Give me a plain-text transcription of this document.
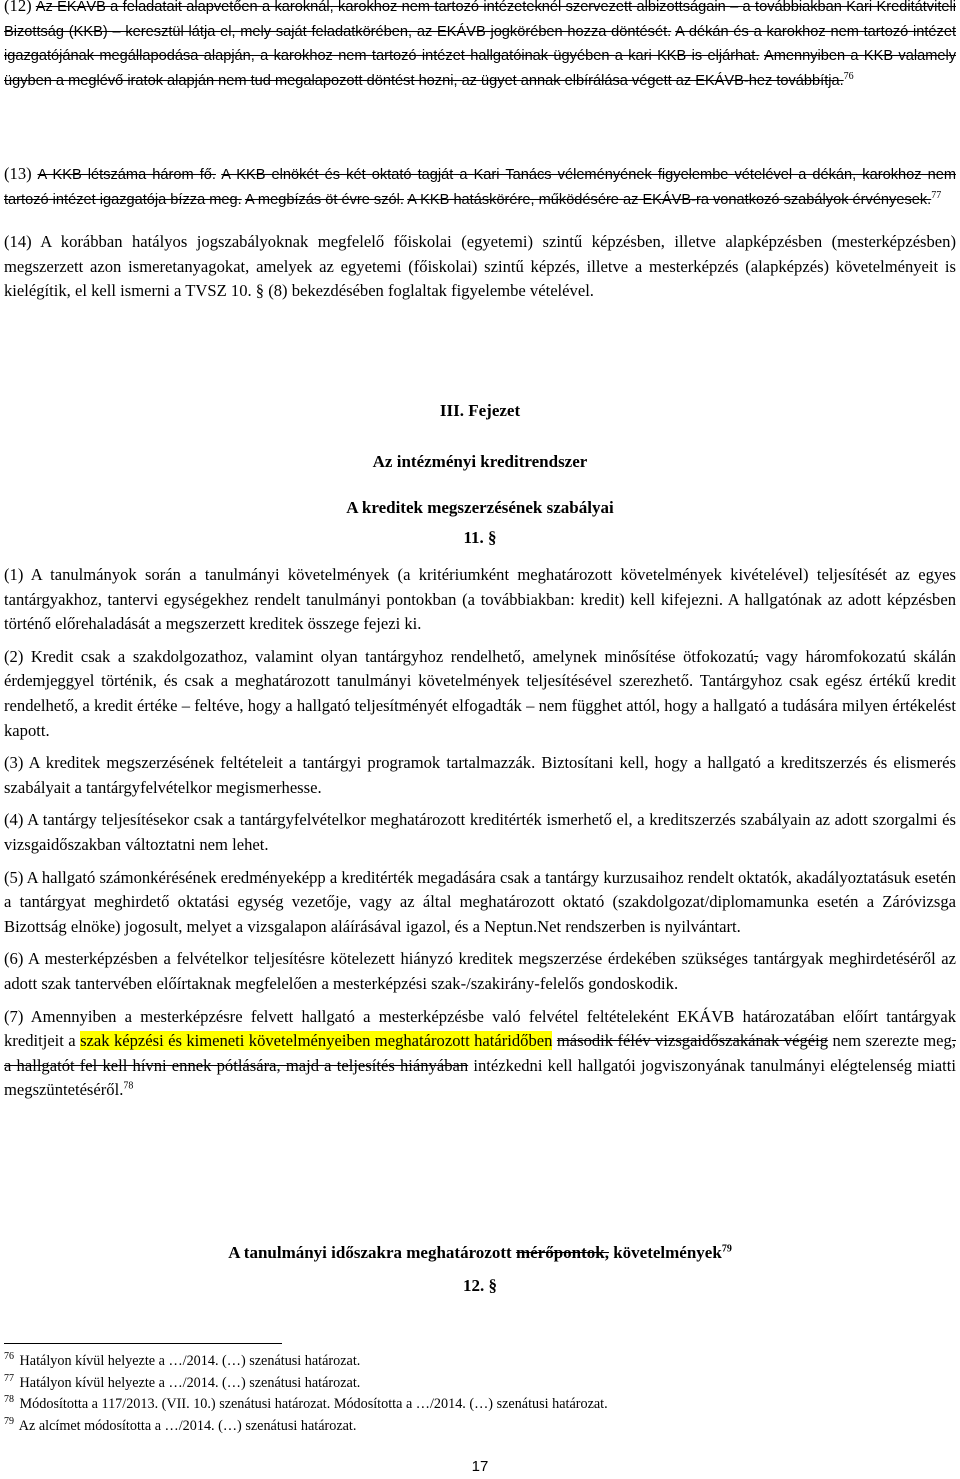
(12) Az EKÁVB a feladatait alapvetően a karoknál, karokhoz nem tartozó intézeteknél szervezett albizottságain – a továbbiakban Kari Kreditátviteli Bizottság (KKB) – keresztül látja el, mely saját feladatkörében, az EKÁVB jogkörében hozza döntését. A dékán és a karokhoz nem tartozó intézet igazgatójának megállapodása alapján, a karokhoz nem tartozó intézet hallgatóinak ügyében a kari KKB is eljárhat. Amennyiben a KKB valamely ügyben a meglévő iratok alapján nem tud megalapozott döntést hozni, az ügyet annak elbírálása végett az EKÁVB-hez továbbítja.$^{76}$

(13) A KKB létszáma három fő. A KKB elnökét és két oktató tagját a Kari Tanács véleményének figyelembe vételével a dékán, karokhoz nem tartozó intézet igazgatója bízza meg. A megbízás öt évre szól. A KKB hatáskörére, működésére az EKÁVB-ra vonatkozó szabályok érvényesek.$^{77}$

(14) A korábban hatályos jogszabályoknak megfelelő főiskolai (egyetemi) szintű képzésben, illetve alapképzésben (mesterképzésben) megszerzett azon ismeretanyagokat, amelyek az egyetemi (főiskolai) szintű képzés, illetve a mesterképzés (alapképzés) követelményeit is kielégítik, el kell ismerni a TVSZ 10. § (8) bekezdésében foglaltak figyelembe vételével.

III. Fejezet
Az intézményi kreditrendszer
A kreditek megszerzésének szabályai
11. §

(1) A tanulmányok során a tanulmányi követelmények (a kritériumként meghatározott követelmények kivételével) teljesítését az egyes tantárgyakhoz, tantervi egységekhez rendelt tanulmányi pontokban (a továbbiakban: kredit) kell kifejezni. A hallgatónak az adott képzésben történő előrehaladását a megszerzett kreditek összege fejezi ki.

(2) Kredit csak a szakdolgozathoz, valamint olyan tantárgyhoz rendelhető, amelynek minősítése ötfokozatú, vagy háromfokozatú skálán érdemjeggyel történik, és csak a meghatározott tanulmányi követelmények teljesítésével szerezhető. Tantárgyhoz csak egész értékű kredit rendelhető, a kredit értéke – feltéve, hogy a hallgató teljesítményét elfogadták – nem függhet attól, hogy a hallgató a tudására milyen értékelést kapott.

(3) A kreditek megszerzésének feltételeit a tantárgyi programok tartalmazzák. Biztosítani kell, hogy a hallgató a kreditszerzés és elismerés szabályait a tantárgyfelvételkor megismerhesse.

(4) A tantárgy teljesítésekor csak a tantárgyfelvételkor meghatározott kreditérték ismerhető el, a kreditszerzés szabályain az adott szorgalmi és vizsgaidőszakban változtatni nem lehet.

(5) A hallgató számonkérésének eredményeképp a kreditérték megadására csak a tantárgy kurzusaihoz rendelt oktatók, akadályoztatásuk esetén a tantárgyat meghirdető oktatási egység vezetője, vagy az által meghatározott oktató (szakdolgozat/diplomamunka esetén a Záróvizsga Bizottság elnöke) jogosult, melyet a vizsgalapon aláírásával igazol, és a Neptun.Net rendszerben is nyilvántart.

(6) A mesterképzésben a felvételkor teljesítésre kötelezett hiányzó kreditek megszerzése érdekében szükséges tantárgyak meghirdetéséről az adott szak tantervében előírtaknak megfelelően a mesterképzési szak-/szakirány-felelős gondoskodik.

(7) Amennyiben a mesterképzésre felvett hallgató a mesterképzésbe való felvétel feltételeként EKÁVB határozatában előírt tantárgyak kreditjeit a szak képzési és kimeneti követelményeiben meghatározott határidőben második félév vizsgaidőszakának végéig nem szerezte meg, a hallgatót fel kell hívni ennek pótlására, majd a teljesítés hiányában intézkedni kell hallgatói jogviszonyának tanulmányi elégtelenség miatti megszüntetéséről.$^{78}$

A tanulmányi időszakra meghatározott mérőpontok, követelmények$^{79}$
12. §
$^{76}$ Hatályon kívül helyezte a …/2014. (…) szenátusi határozat.
$^{77}$ Hatályon kívül helyezte a …/2014. (…) szenátusi határozat.
$^{78}$ Módosította a 117/2013. (VII. 10.) szenátusi határozat. Módosította a …/2014. (…) szenátusi határozat.
$^{79}$ Az alcímet módosította a …/2014. (…) szenátusi határozat.
17
